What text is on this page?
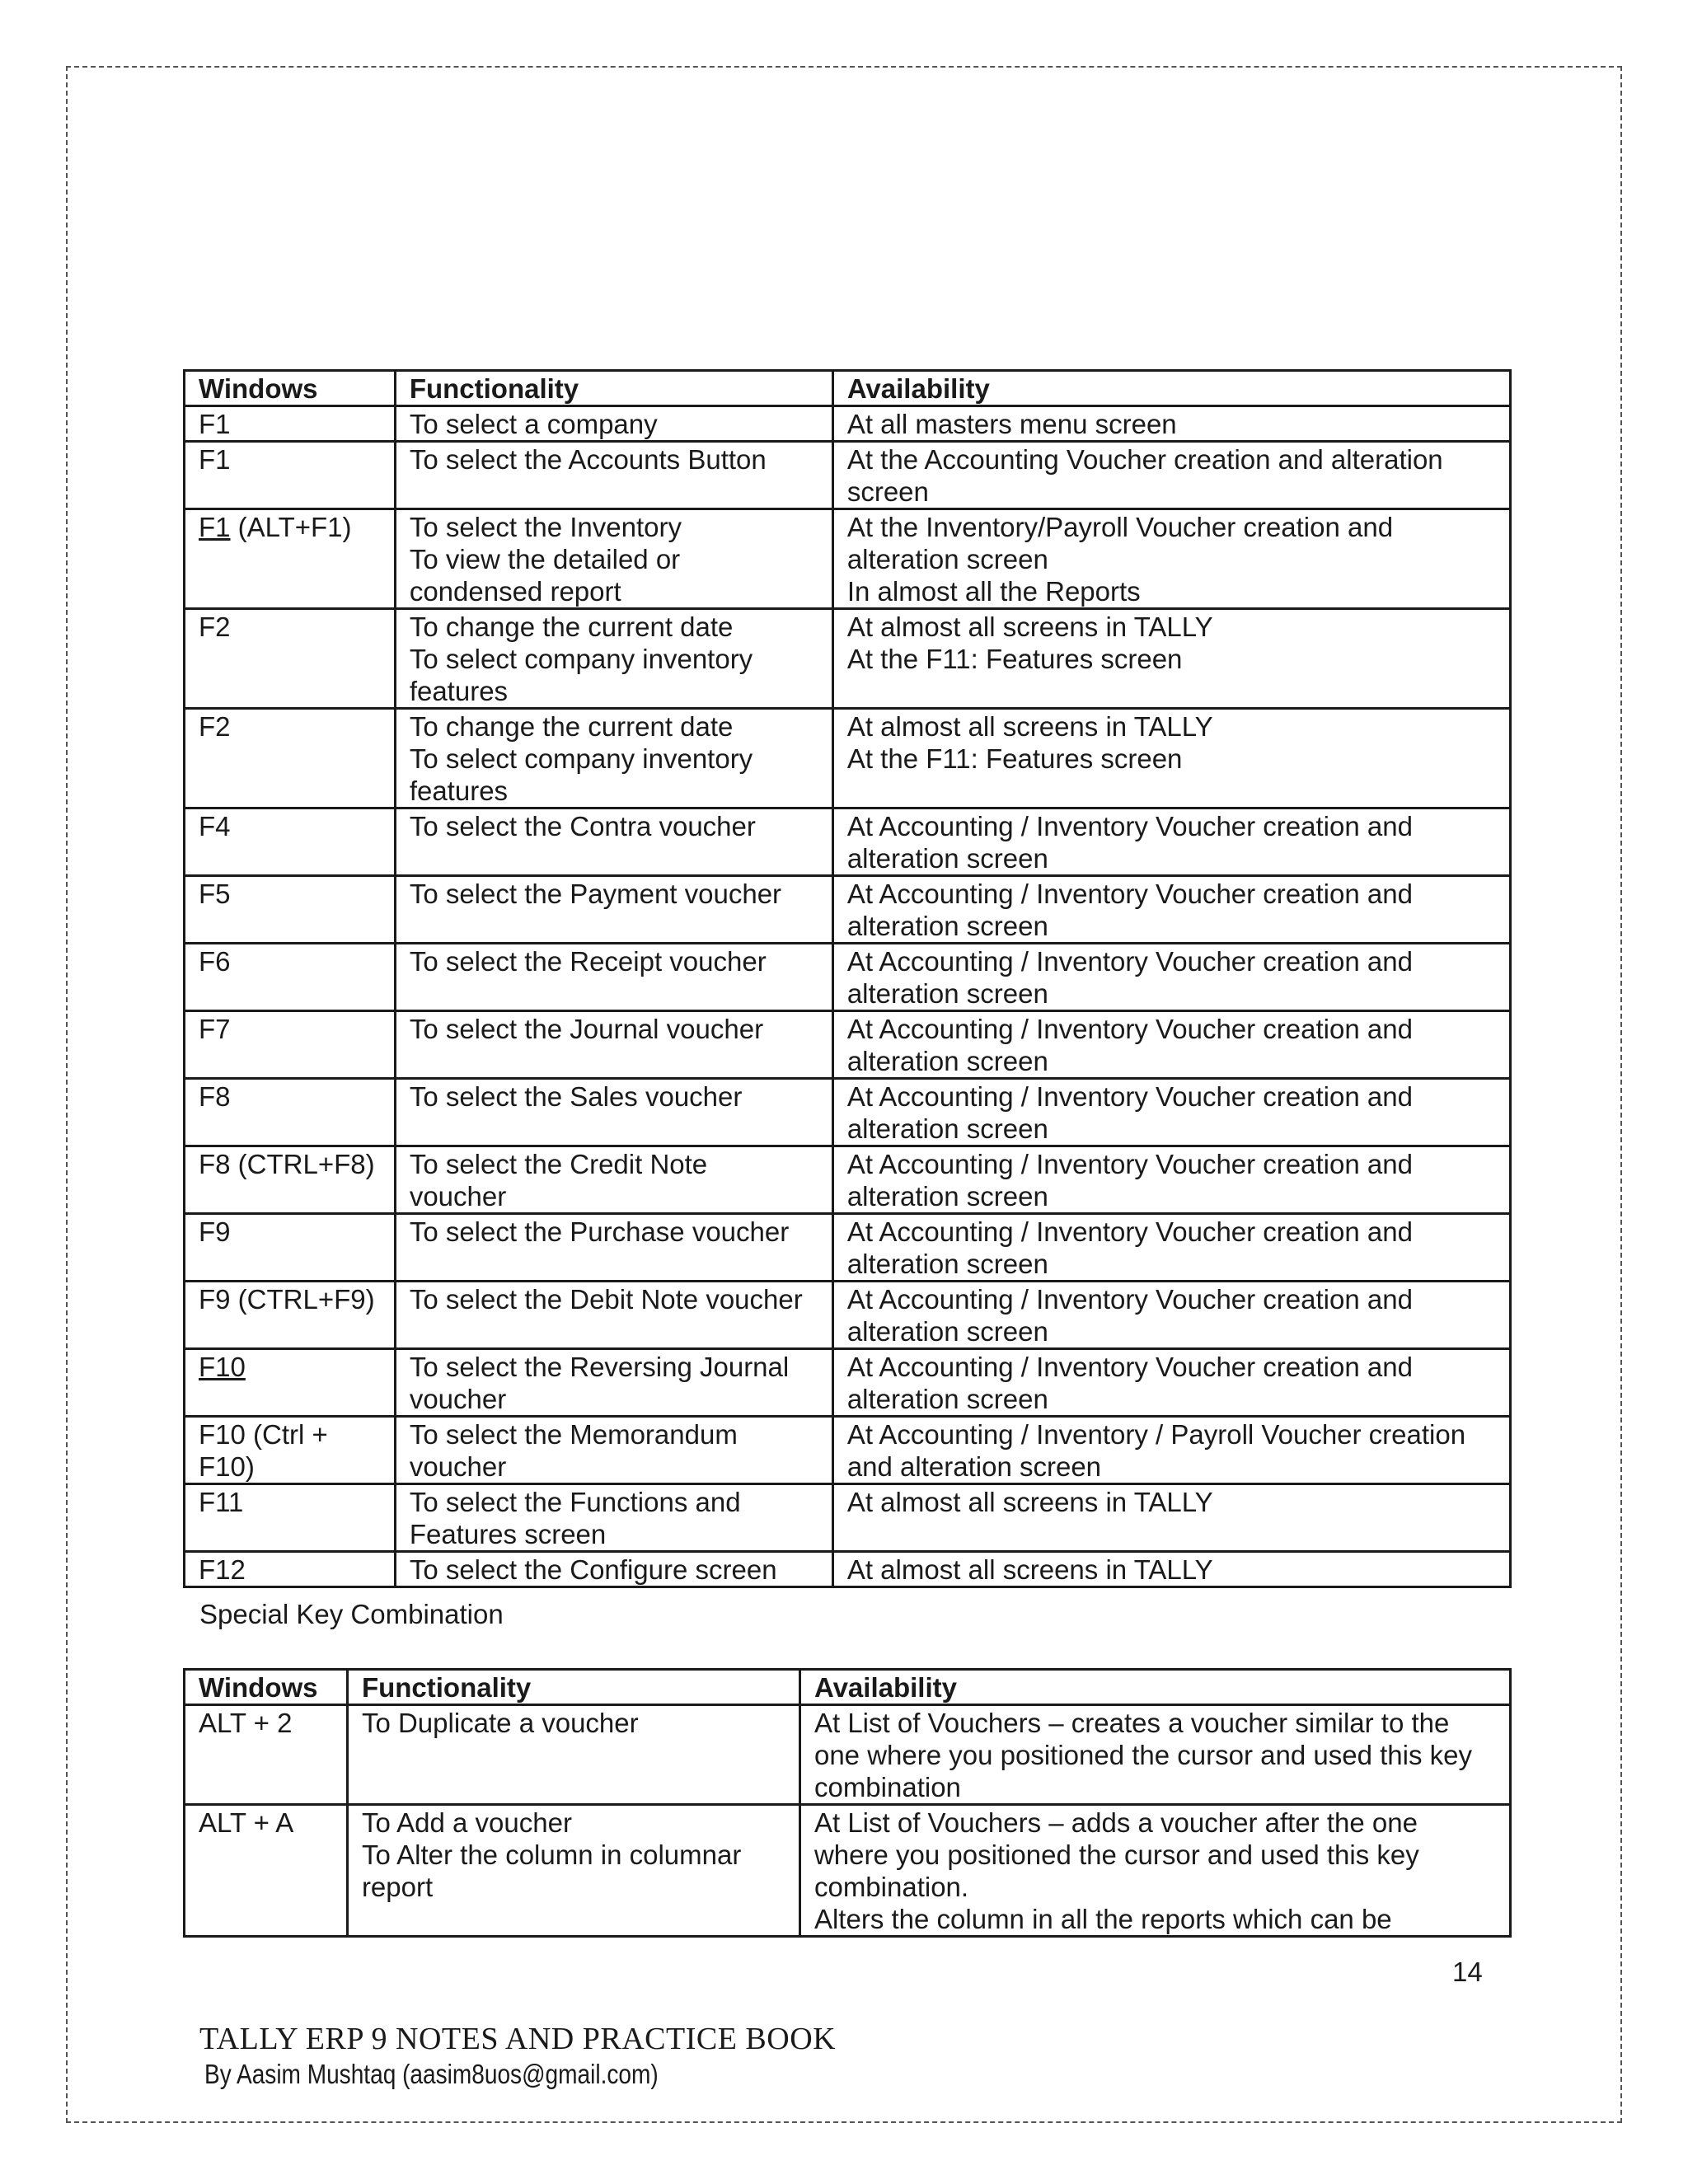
Windows	Functionality	Availability
F1	To select a company	At all masters menu screen

F1	To select the Accounts Button	At the Accounting Voucher creation and alteration
screen

F1 (ALT+F1)	To select the Inventory
To view the detailed or
condensed report	At the Inventory/Payroll Voucher creation and
alteration screen
In almost all the Reports

F2	To change the current date
To select company inventory
features	At almost all screens in TALLY
At the F11: Features screen

F2	To change the current date
To select company inventory
features	At almost all screens in TALLY
At the F11: Features screen

F4	To select the Contra voucher	At Accounting / Inventory Voucher creation and
alteration screen

F5	To select the Payment voucher	At Accounting / Inventory Voucher creation and
alteration screen

F6	To select the Receipt voucher	At Accounting / Inventory Voucher creation and
alteration screen

F7	To select the Journal voucher	At Accounting / Inventory Voucher creation and
alteration screen

F8	To select the Sales voucher	At Accounting / Inventory Voucher creation and
alteration screen

F8 (CTRL+F8)	To select the Credit Note
voucher	At Accounting / Inventory Voucher creation and
alteration screen

F9	To select the Purchase voucher	At Accounting / Inventory Voucher creation and
alteration screen

F9 (CTRL+F9)	To select the Debit Note voucher	At Accounting / Inventory Voucher creation and
alteration screen

F10	To select the Reversing Journal
voucher	At Accounting / Inventory Voucher creation and
alteration screen

F10 (Ctrl +
F10)	To select the Memorandum
voucher	At Accounting / Inventory / Payroll Voucher creation
and alteration screen

F11	To select the Functions and
Features screen	At almost all screens in TALLY

F12	To select the Configure screen	At almost all screens in TALLY
Special Key Combination
Windows	Functionality	Availability
ALT + 2	To Duplicate a voucher	At List of Vouchers – creates a voucher similar to the
one where you positioned the cursor and used this key
combination

ALT + A	To Add a voucher
To Alter the column in columnar
report	At List of Vouchers – adds a voucher after the one
where you positioned the cursor and used this key
combination.
Alters the column in all the reports which can be
14
TALLY ERP 9 NOTES AND PRACTICE BOOK
By Aasim Mushtaq (aasim8uos@gmail.com)
